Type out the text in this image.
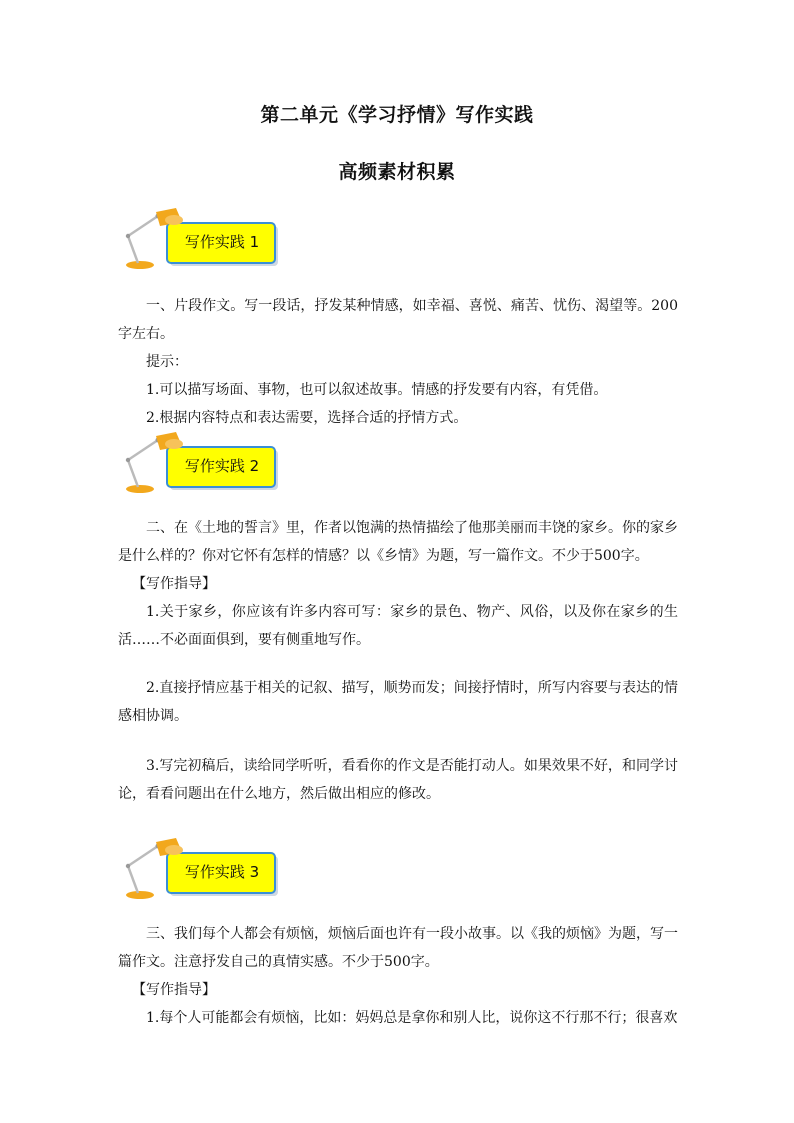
第二单元《学习抒情》写作实践
高频素材积累
写作实践 1
一、片段作文。写一段话，抒发某种情感，如幸福、喜悦、痛苦、忧伤、渴望等。200字左右。
提示：
1.可以描写场面、事物，也可以叙述故事。情感的抒发要有内容，有凭借。
2.根据内容特点和表达需要，选择合适的抒情方式。
写作实践 2
二、在《土地的誓言》里，作者以饱满的热情描绘了他那美丽而丰饶的家乡。你的家乡是什么样的？你对它怀有怎样的情感？以《乡情》为题，写一篇作文。不少于500字。
【写作指导】
1.关于家乡，你应该有许多内容可写：家乡的景色、物产、风俗，以及你在家乡的生活……不必面面俱到，要有侧重地写作。
2.直接抒情应基于相关的记叙、描写，顺势而发；间接抒情时，所写内容要与表达的情感相协调。
3.写完初稿后，读给同学听听，看看你的作文是否能打动人。如果效果不好，和同学讨论，看看问题出在什么地方，然后做出相应的修改。
写作实践 3
三、我们每个人都会有烦恼，烦恼后面也许有一段小故事。以《我的烦恼》为题，写一篇作文。注意抒发自己的真情实感。不少于500字。
【写作指导】
1.每个人可能都会有烦恼，比如：妈妈总是拿你和别人比，说你这不行那不行；很喜欢
